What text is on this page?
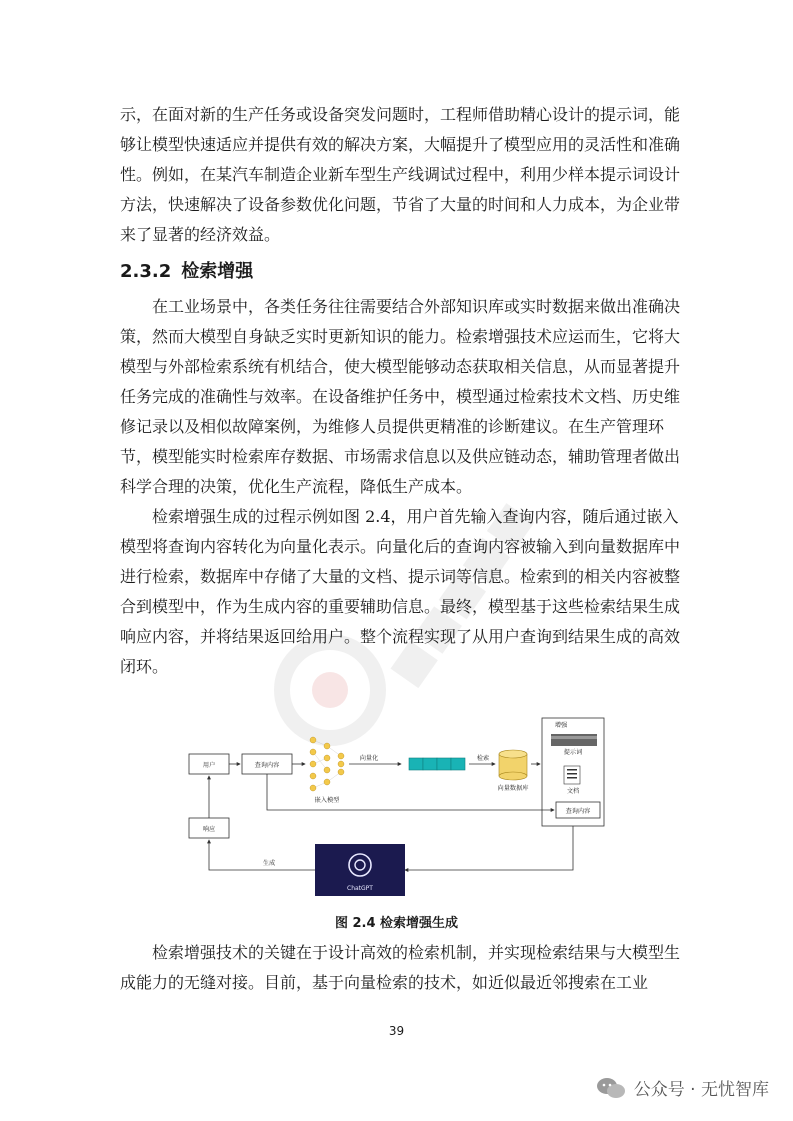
示，在面对新的生产任务或设备突发问题时，工程师借助精心设计的提示词，能够让模型快速适应并提供有效的解决方案，大幅提升了模型应用的灵活性和准确性。例如，在某汽车制造企业新车型生产线调试过程中，利用少样本提示词设计方法，快速解决了设备参数优化问题，节省了大量的时间和人力成本，为企业带来了显著的经济效益。

2.3.2 检索增强

在工业场景中，各类任务往往需要结合外部知识库或实时数据来做出准确决策，然而大模型自身缺乏实时更新知识的能力。检索增强技术应运而生，它将大模型与外部检索系统有机结合，使大模型能够动态获取相关信息，从而显著提升任务完成的准确性与效率。在设备维护任务中，模型通过检索技术文档、历史维修记录以及相似故障案例，为维修人员提供更精准的诊断建议。在生产管理环节，模型能实时检索库存数据、市场需求信息以及供应链动态，辅助管理者做出科学合理的决策，优化生产流程，降低生产成本。

检索增强生成的过程示例如图 2.4，用户首先输入查询内容，随后通过嵌入模型将查询内容转化为向量化表示。向量化后的查询内容被输入到向量数据库中进行检索，数据库中存储了大量的文档、提示词等信息。检索到的相关内容被整合到模型中，作为生成内容的重要辅助信息。最终，模型基于这些检索结果生成响应内容，并将结果返回给用户。整个流程实现了从用户查询到结果生成的高效闭环。

ChatGPT
用户	查询内容
嵌入模型
向量化	检索
向量数据库
增强
提示词
文档
查询内容
响应
生成
图 2.4 检索增强生成

检索增强技术的关键在于设计高效的检索机制，并实现检索结果与大模型生成能力的无缝对接。目前，基于向量检索的技术，如近似最近邻搜索在工业

39
公众号 · 无忧智库
